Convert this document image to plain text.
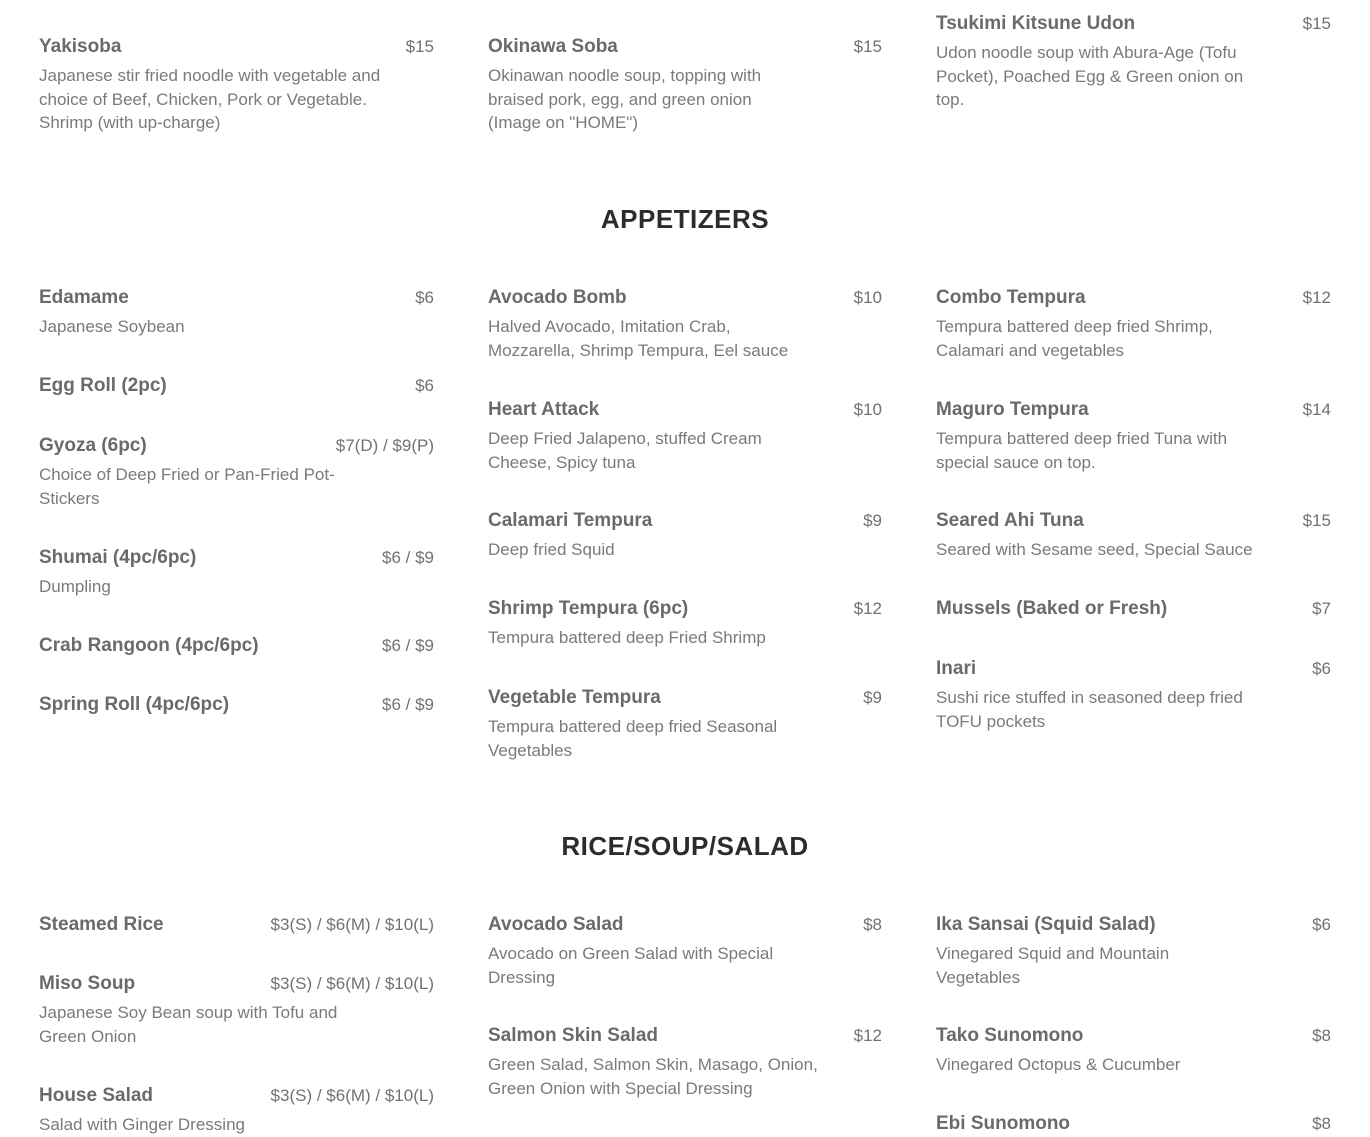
Yakisoba	$15
Japanese stir fried noodle with vegetable and choice of Beef, Chicken, Pork or Vegetable. Shrimp (with up-charge)
Okinawa Soba	$15
Okinawan noodle soup, topping with braised pork, egg, and green onion (Image on "HOME")
Tsukimi Kitsune Udon	$15
Udon noodle soup with Abura-Age (Tofu Pocket), Poached Egg & Green onion on top.
APPETIZERS
Edamame	$6
Japanese Soybean
Egg Roll (2pc)	$6
Gyoza (6pc)	$7(D) / $9(P)
Choice of Deep Fried or Pan-Fried Pot-Stickers
Shumai (4pc/6pc)	$6 / $9
Dumpling
Crab Rangoon (4pc/6pc)	$6 / $9
Spring Roll (4pc/6pc)	$6 / $9
Avocado Bomb	$10
Halved Avocado, Imitation Crab, Mozzarella, Shrimp Tempura, Eel sauce
Heart Attack	$10
Deep Fried Jalapeno, stuffed Cream Cheese, Spicy tuna
Calamari Tempura	$9
Deep fried Squid
Shrimp Tempura (6pc)	$12
Tempura battered deep Fried Shrimp
Vegetable Tempura	$9
Tempura battered deep fried Seasonal Vegetables
Combo Tempura	$12
Tempura battered deep fried Shrimp, Calamari and vegetables
Maguro Tempura	$14
Tempura battered deep fried Tuna with special sauce on top.
Seared Ahi Tuna	$15
Seared with Sesame seed, Special Sauce
Mussels (Baked or Fresh)	$7
Inari	$6
Sushi rice stuffed in seasoned deep fried TOFU pockets
RICE/SOUP/SALAD
Steamed Rice	$3(S) / $6(M) / $10(L)
Miso Soup	$3(S) / $6(M) / $10(L)
Japanese Soy Bean soup with Tofu and Green Onion
House Salad	$3(S) / $6(M) / $10(L)
Salad with Ginger Dressing
Avocado Salad	$8
Avocado on Green Salad with Special Dressing
Salmon Skin Salad	$12
Green Salad, Salmon Skin, Masago, Onion, Green Onion with Special Dressing
Ika Sansai (Squid Salad)	$6
Vinegared Squid and Mountain Vegetables
Tako Sunomono	$8
Vinegared Octopus & Cucumber
Ebi Sunomono	$8
